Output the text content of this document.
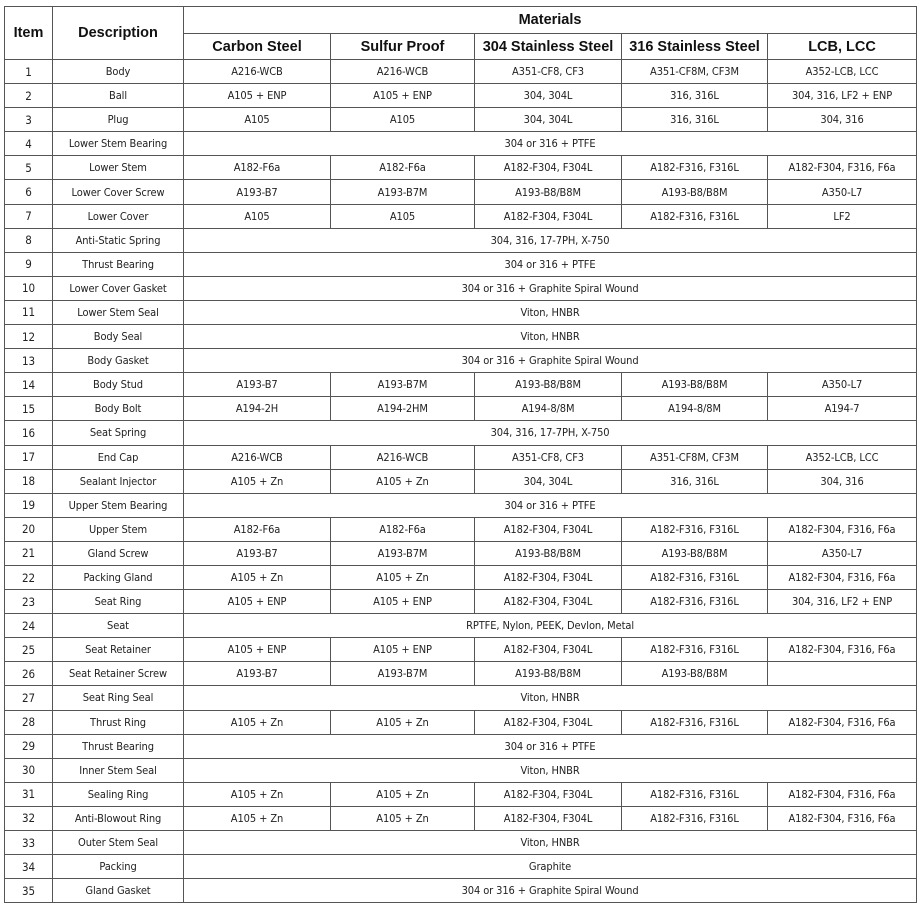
Item	Description	Materials				
		Carbon Steel	Sulfur Proof	304 Stainless Steel	316 Stainless Steel	LCB, LCC
1	Body	A216-WCB	A216-WCB	A351-CF8, CF3	A351-CF8M, CF3M	A352-LCB, LCC
2	Ball	A105 + ENP	A105 + ENP	304, 304L	316, 316L	304, 316, LF2 + ENP
3	Plug	A105	A105	304, 304L	316, 316L	304, 316
4	Lower Stem Bearing	304 or 316 + PTFE				
5	Lower Stem	A182-F6a	A182-F6a	A182-F304, F304L	A182-F316, F316L	A182-F304, F316, F6a
6	Lower Cover Screw	A193-B7	A193-B7M	A193-B8/B8M	A193-B8/B8M	A350-L7
7	Lower Cover	A105	A105	A182-F304, F304L	A182-F316, F316L	LF2
8	Anti-Static Spring	304, 316, 17-7PH, X-750				
9	Thrust Bearing	304 or 316 + PTFE				
10	Lower Cover Gasket	304 or 316 + Graphite Spiral Wound				
11	Lower Stem Seal	Viton, HNBR				
12	Body Seal	Viton, HNBR				
13	Body Gasket	304 or 316 + Graphite Spiral Wound				
14	Body Stud	A193-B7	A193-B7M	A193-B8/B8M	A193-B8/B8M	A350-L7
15	Body Bolt	A194-2H	A194-2HM	A194-8/8M	A194-8/8M	A194-7
16	Seat Spring	304, 316, 17-7PH, X-750				
17	End Cap	A216-WCB	A216-WCB	A351-CF8, CF3	A351-CF8M, CF3M	A352-LCB, LCC
18	Sealant Injector	A105 + Zn	A105 + Zn	304, 304L	316, 316L	304, 316
19	Upper Stem Bearing	304 or 316 + PTFE				
20	Upper Stem	A182-F6a	A182-F6a	A182-F304, F304L	A182-F316, F316L	A182-F304, F316, F6a
21	Gland Screw	A193-B7	A193-B7M	A193-B8/B8M	A193-B8/B8M	A350-L7
22	Packing Gland	A105 + Zn	A105 + Zn	A182-F304, F304L	A182-F316, F316L	A182-F304, F316, F6a
23	Seat Ring	A105 + ENP	A105 + ENP	A182-F304, F304L	A182-F316, F316L	304, 316, LF2 + ENP
24	Seat	RPTFE, Nylon, PEEK, Devlon, Metal				
25	Seat Retainer	A105 + ENP	A105 + ENP	A182-F304, F304L	A182-F316, F316L	A182-F304, F316, F6a
26	Seat Retainer Screw	A193-B7	A193-B7M	A193-B8/B8M	A193-B8/B8M	
27	Seat Ring Seal	Viton, HNBR				
28	Thrust Ring	A105 + Zn	A105 + Zn	A182-F304, F304L	A182-F316, F316L	A182-F304, F316, F6a
29	Thrust Bearing	304 or 316 + PTFE				
30	Inner Stem Seal	Viton, HNBR				
31	Sealing Ring	A105 + Zn	A105 + Zn	A182-F304, F304L	A182-F316, F316L	A182-F304, F316, F6a
32	Anti-Blowout Ring	A105 + Zn	A105 + Zn	A182-F304, F304L	A182-F316, F316L	A182-F304, F316, F6a
33	Outer Stem Seal	Viton, HNBR				
34	Packing	Graphite				
35	Gland Gasket	304 or 316 + Graphite Spiral Wound				
